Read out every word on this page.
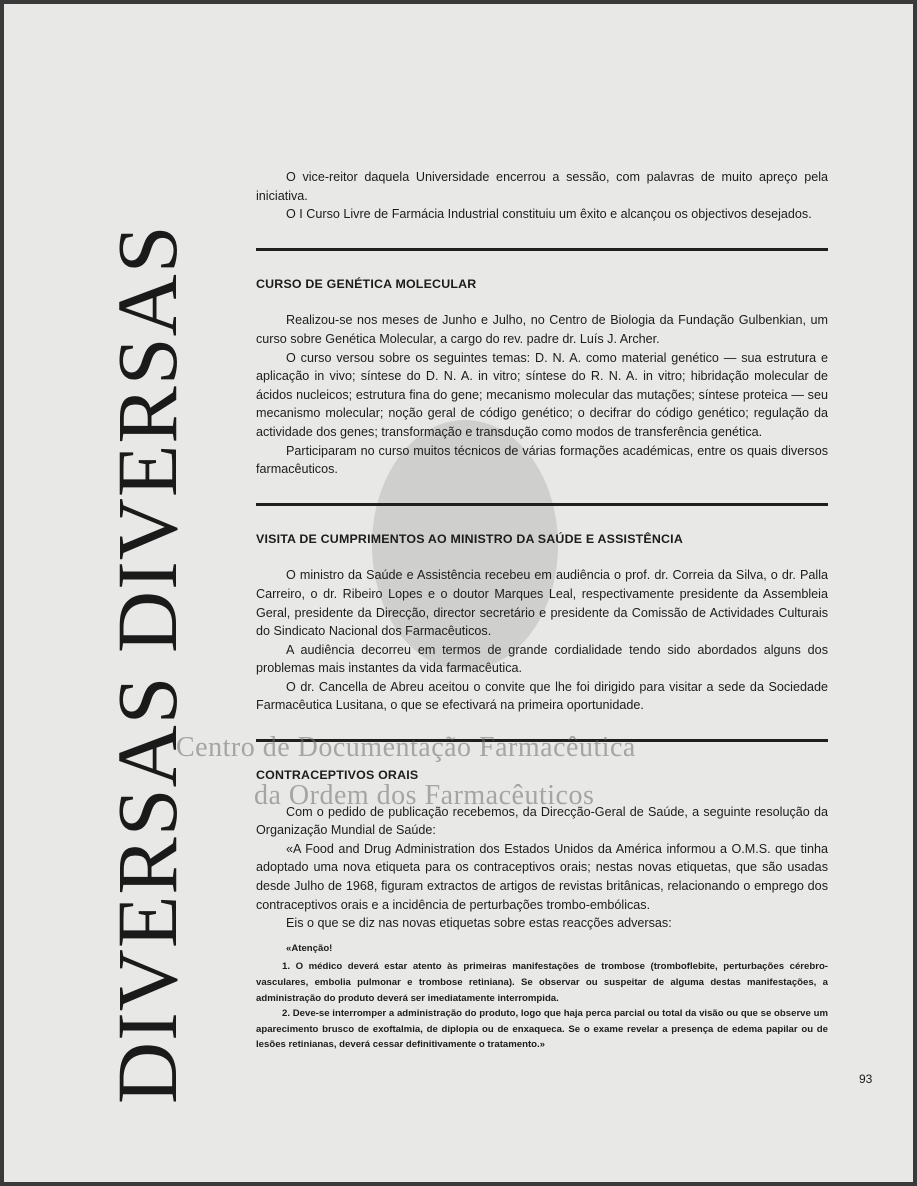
DIVERSAS DIVERSAS

O vice-reitor daquela Universidade encerrou a sessão, com palavras de muito apreço pela iniciativa.

O I Curso Livre de Farmácia Industrial constituiu um êxito e alcançou os objectivos desejados.

CURSO DE GENÉTICA MOLECULAR

Realizou-se nos meses de Junho e Julho, no Centro de Biologia da Fundação Gulbenkian, um curso sobre Genética Molecular, a cargo do rev. padre dr. Luís J. Archer.

O curso versou sobre os seguintes temas: D. N. A. como material genético — sua estrutura e aplicação in vivo; síntese do D. N. A. in vitro; síntese do R. N. A. in vitro; hibridação molecular de ácidos nucleicos; estrutura fina do gene; mecanismo molecular das mutações; síntese proteica — seu mecanismo molecular; noção geral de código genético; o decifrar do código genético; regulação da actividade dos genes; transformação e transdução como modos de transferência genética.

Participaram no curso muitos técnicos de várias formações académicas, entre os quais diversos farmacêuticos.

VISITA DE CUMPRIMENTOS AO MINISTRO DA SAÚDE E ASSISTÊNCIA

O ministro da Saúde e Assistência recebeu em audiência o prof. dr. Correia da Silva, o dr. Palla Carreiro, o dr. Ribeiro Lopes e o doutor Marques Leal, respectivamente presidente da Assembleia Geral, presidente da Direcção, director secretário e presidente da Comissão de Actividades Culturais do Sindicato Nacional dos Farmacêuticos.

A audiência decorreu em termos de grande cordialidade tendo sido abordados alguns dos problemas mais instantes da vida farmacêutica.

O dr. Cancella de Abreu aceitou o convite que lhe foi dirigido para visitar a sede da Sociedade Farmacêutica Lusitana, o que se efectivará na primeira oportunidade.

CONTRACEPTIVOS ORAIS

Com o pedido de publicação recebemos, da Direcção-Geral de Saúde, a seguinte resolução da Organização Mundial de Saúde:

«A Food and Drug Administration dos Estados Unidos da América informou a O.M.S. que tinha adoptado uma nova etiqueta para os contraceptivos orais; nestas novas etiquetas, que são usadas desde Julho de 1968, figuram extractos de artigos de revistas britânicas, relacionando o emprego dos contraceptivos orais e a incidência de perturbações trombo-embólicas.

Eis o que se diz nas novas etiquetas sobre estas reacções adversas:

«Atenção!

1. O médico deverá estar atento às primeiras manifestações de trombose (tromboflebite, perturbações cérebro-vasculares, embolia pulmonar e trombose retiniana). Se observar ou suspeitar de alguma destas manifestações, a administração do produto deverá ser imediatamente interrompida.

2. Deve-se interromper a administração do produto, logo que haja perca parcial ou total da visão ou que se observe um aparecimento brusco de exoftalmia, de diplopia ou de enxaqueca. Se o exame revelar a presença de edema papilar ou de lesões retinianas, deverá cessar definitivamente o tratamento.»

Centro de Documentação Farmacêutica
da Ordem dos Farmacêuticos
93
